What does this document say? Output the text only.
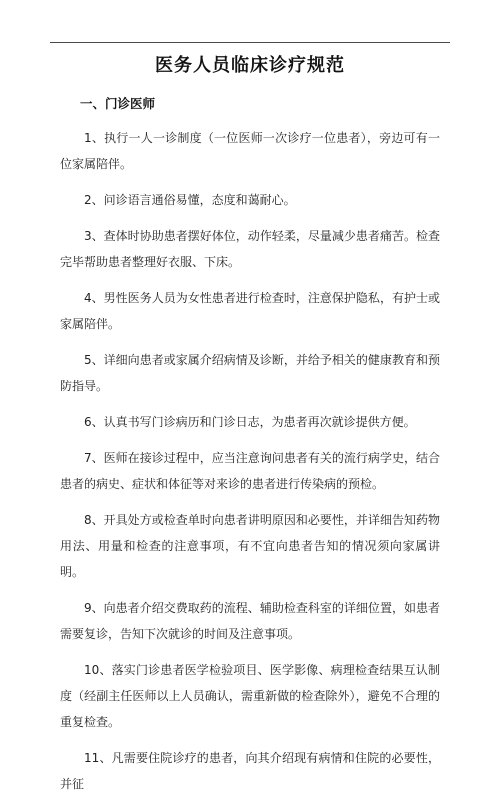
医务人员临床诊疗规范
一、门诊医师

1、执行一人一诊制度（一位医师一次诊疗一位患者），旁边可有一位家属陪伴。

2、问诊语言通俗易懂，态度和蔼耐心。

3、查体时协助患者摆好体位，动作轻柔，尽量减少患者痛苦。检查完毕帮助患者整理好衣服、下床。

4、男性医务人员为女性患者进行检查时，注意保护隐私，有护士或家属陪伴。

5、详细向患者或家属介绍病情及诊断，并给予相关的健康教育和预防指导。

6、认真书写门诊病历和门诊日志，为患者再次就诊提供方便。

7、医师在接诊过程中，应当注意询问患者有关的流行病学史，结合患者的病史、症状和体征等对来诊的患者进行传染病的预检。

8、开具处方或检查单时向患者讲明原因和必要性，并详细告知药物用法、用量和检查的注意事项，有不宜向患者告知的情况须向家属讲明。

9、向患者介绍交费取药的流程、辅助检查科室的详细位置，如患者需要复诊，告知下次就诊的时间及注意事项。

10、落实门诊患者医学检验项目、医学影像、病理检查结果互认制度（经副主任医师以上人员确认，需重新做的检查除外），避免不合理的重复检查。

11、凡需要住院诊疗的患者，向其介绍现有病情和住院的必要性，并征
